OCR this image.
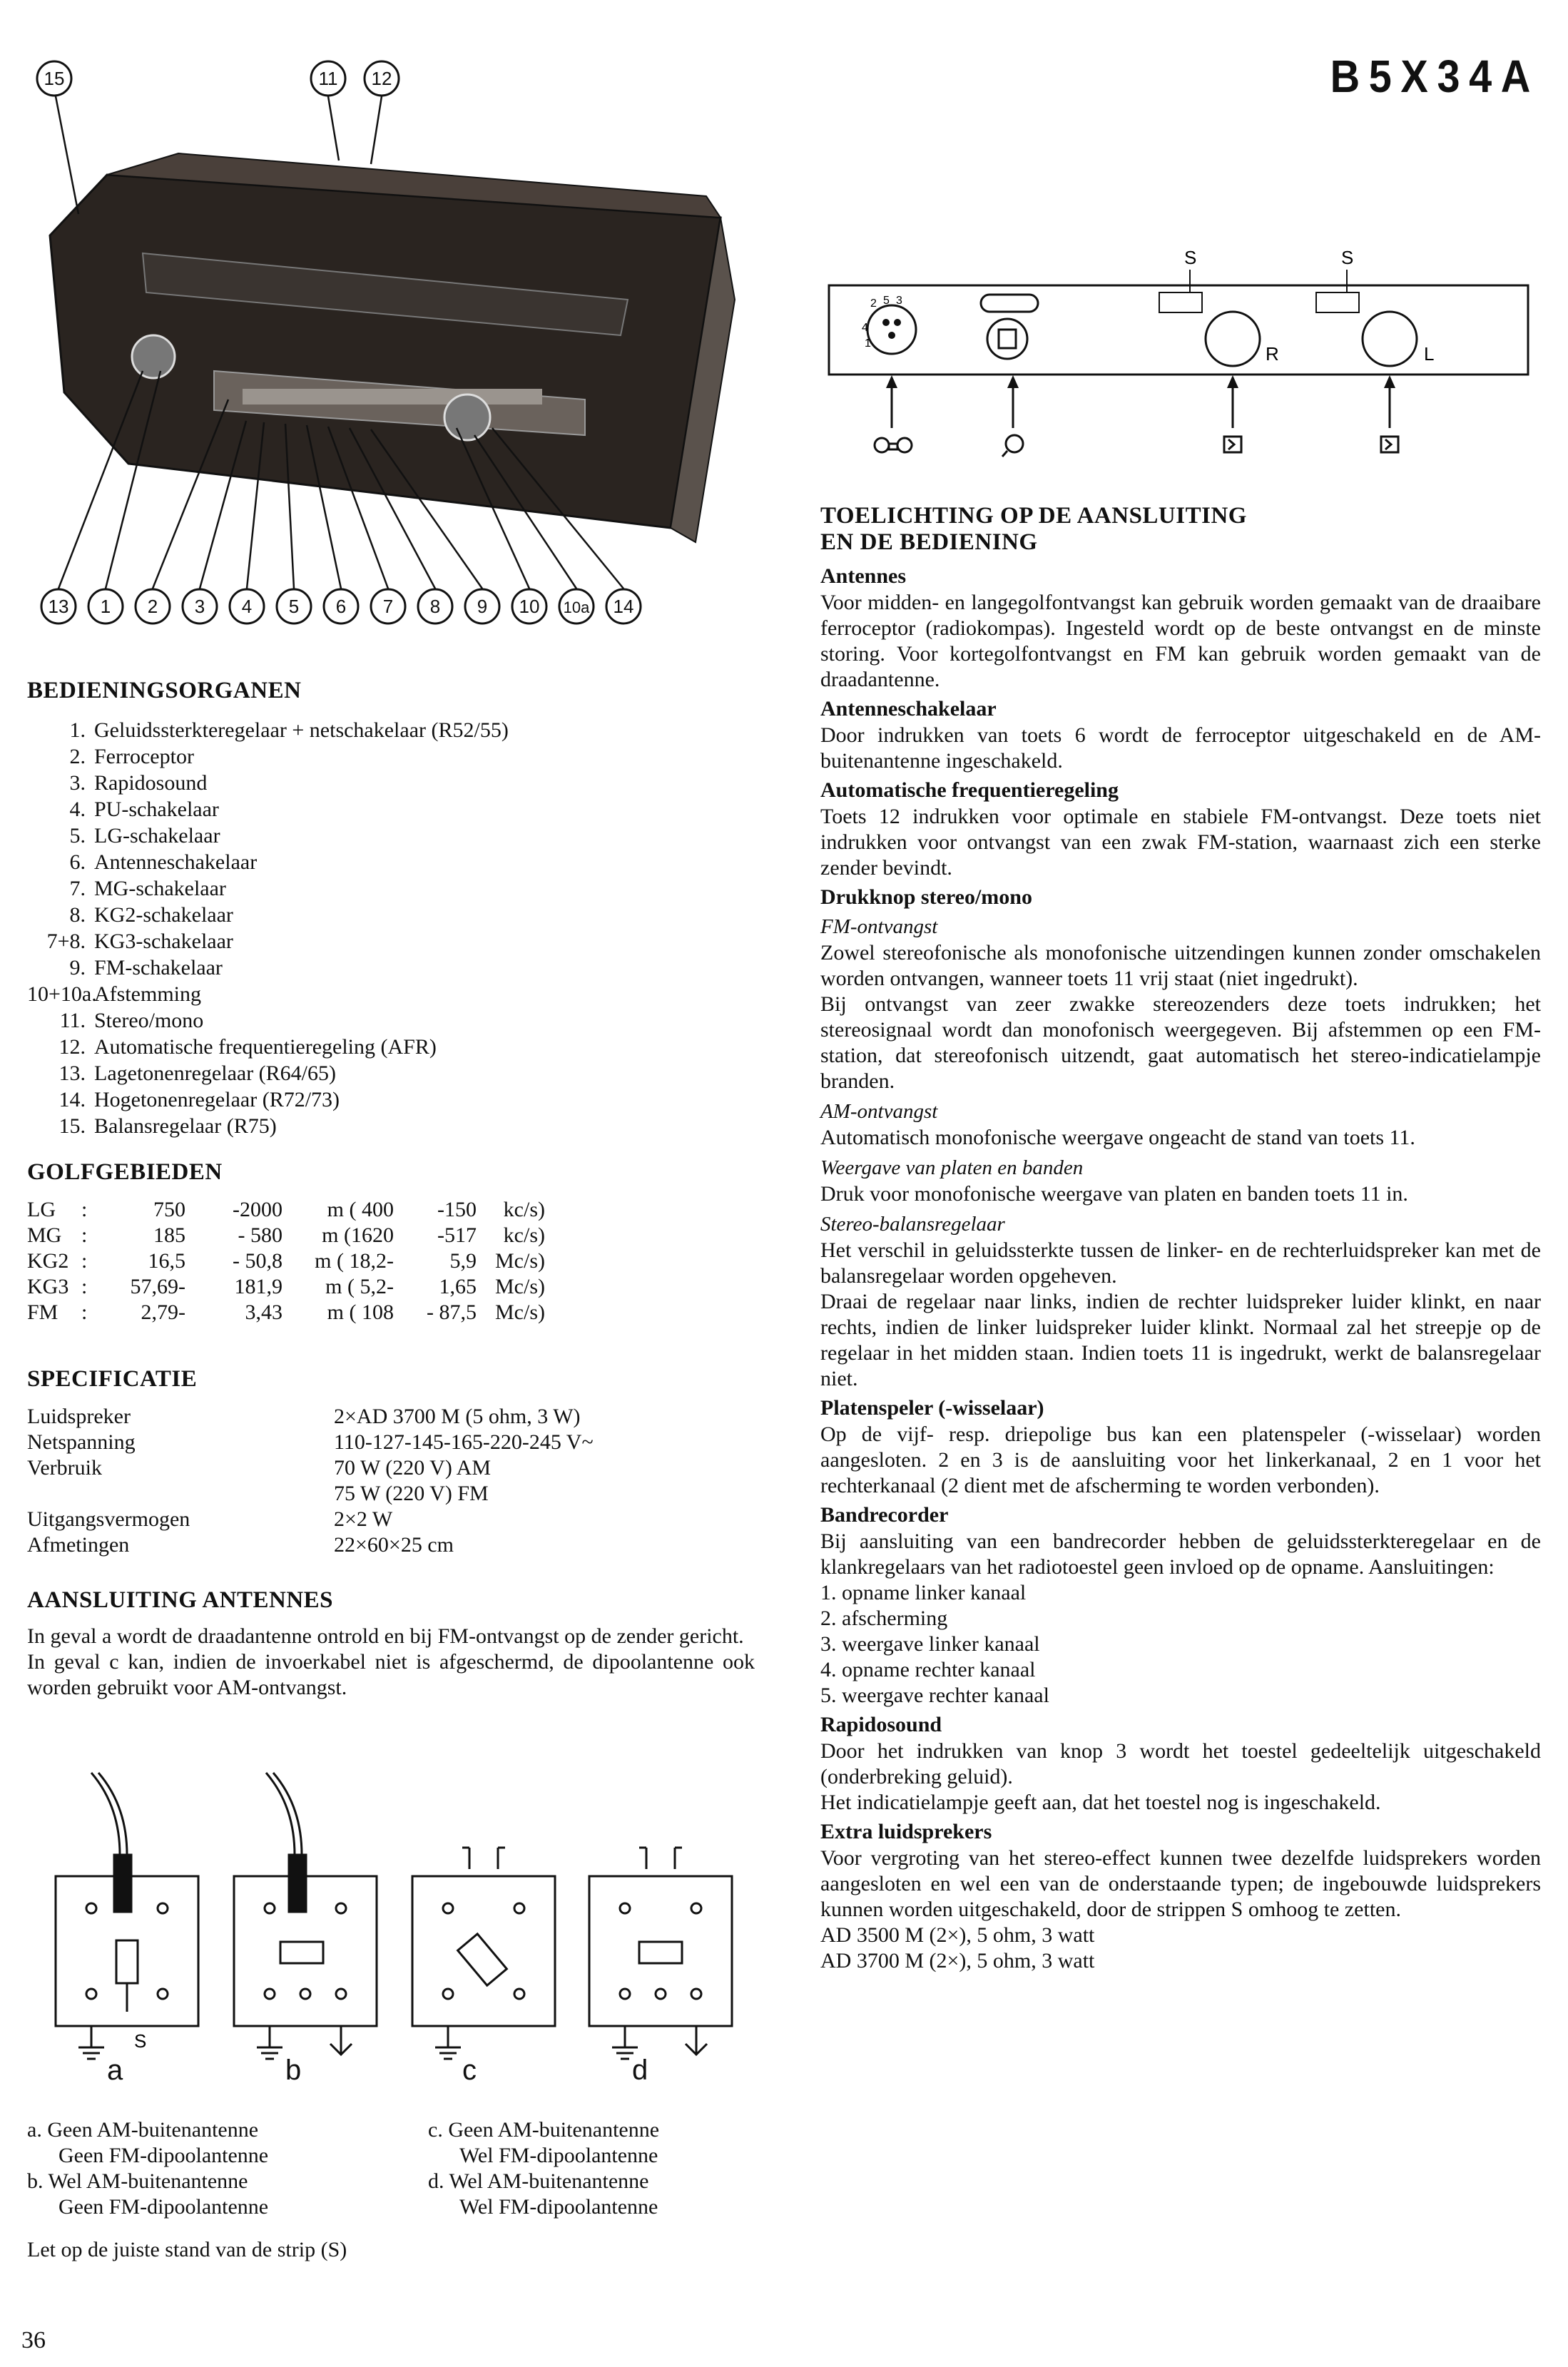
B5X34A
15	11 12
13 1 2 3 4 5 6 7 8 9 10 10a 14
2 5 3
4
1
S
R
S
L

BEDIENINGSORGANEN

1. Geluidssterkteregelaar + netschakelaar (R52/55)
2. Ferroceptor
3. Rapidosound
4. PU-schakelaar
5. LG-schakelaar
6. Antenneschakelaar
7. MG-schakelaar
8. KG2-schakelaar
7+8. KG3-schakelaar
9. FM-schakelaar
10+10a.
Afstemming
11. Stereo/mono
12. Automatische frequentieregeling (AFR)
13. Lagetonenregelaar (R64/65)
14. Hogetonenregelaar (R72/73)
15. Balansregelaar (R75)

GOLFGEBIEDEN

LG	:	750	-2000	m ( 400	-150	kc/s)
MG	:	185	- 580	m (1620	-517	kc/s)
KG2	:	16,5	- 50,8	m ( 18,2-	5,9	Mc/s)
KG3	:	57,69-	181,9	m ( 5,2-	1,65	Mc/s)
FM	:	2,79-	3,43	m ( 108	- 87,5	Mc/s)

SPECIFICATIE

Luidspreker	2×AD 3700 M (5 ohm, 3 W)
Netspanning	110-127-145-165-220-245 V~
Verbruik	70 W (220 V) AM
	75 W (220 V) FM
Uitgangsvermogen	2×2 W
Afmetingen	22×60×25 cm

AANSLUITING ANTENNES

In geval a wordt de draadantenne ontrold en bij FM-ontvangst op de zender gericht.

In geval c kan, indien de invoerkabel niet is afgeschermd, de dipoolantenne ook worden gebruikt voor AM-ontvangst.

S
a	b	c	d
a. Geen AM-buitenantenne
Geen FM-dipoolantenne
b. Wel AM-buitenantenne
Geen FM-dipoolantenne
c. Geen AM-buitenantenne
Wel FM-dipoolantenne
d. Wel AM-buitenantenne
Wel FM-dipoolantenne
Let op de juiste stand van de strip (S)
36

TOELICHTING OP DE AANSLUITING

EN DE BEDIENING

Antennes

Voor midden- en langegolfontvangst kan gebruik worden gemaakt van de draaibare ferroceptor (radiokompas). Ingesteld wordt op de beste ontvangst en de minste storing. Voor kortegolfontvangst en FM kan gebruik worden gemaakt van de draadantenne.

Antenneschakelaar

Door indrukken van toets 6 wordt de ferroceptor uitgeschakeld en de AM-buitenantenne ingeschakeld.

Automatische frequentieregeling

Toets 12 indrukken voor optimale en stabiele FM-ontvangst. Deze toets niet indrukken voor ontvangst van een zwak FM-station, waarnaast zich een sterke zender bevindt.

Drukknop stereo/mono

FM-ontvangst

Zowel stereofonische als monofonische uitzendingen kunnen zonder omschakelen worden ontvangen, wanneer toets 11 vrij staat (niet ingedrukt).

Bij ontvangst van zeer zwakke stereozenders deze toets indrukken; het stereosignaal wordt dan monofonisch weergegeven. Bij afstemmen op een FM-station, dat stereofonisch uitzendt, gaat automatisch het stereo-indicatielampje branden.

AM-ontvangst

Automatisch monofonische weergave ongeacht de stand van toets 11.

Weergave van platen en banden

Druk voor monofonische weergave van platen en banden toets 11 in.

Stereo-balansregelaar

Het verschil in geluidssterkte tussen de linker- en de rechterluidspreker kan met de balansregelaar worden opgeheven.

Draai de regelaar naar links, indien de rechter luidspreker luider klinkt, en naar rechts, indien de linker luidspreker luider klinkt. Normaal zal het streepje op de regelaar in het midden staan. Indien toets 11 is ingedrukt, werkt de balansregelaar niet.

Platenspeler (-wisselaar)

Op de vijf- resp. driepolige bus kan een platenspeler (-wisselaar) worden aangesloten. 2 en 3 is de aansluiting voor het linkerkanaal, 2 en 1 voor het rechterkanaal (2 dient met de afscherming te worden verbonden).

Bandrecorder

Bij aansluiting van een bandrecorder hebben de geluidssterkteregelaar en de klankregelaars van het radiotoestel geen invloed op de opname. Aansluitingen:

1. opname linker kanaal
2. afscherming
3. weergave linker kanaal
4. opname rechter kanaal
5. weergave rechter kanaal

Rapidosound

Door het indrukken van knop 3 wordt het toestel gedeeltelijk uitgeschakeld (onderbreking geluid).

Het indicatielampje geeft aan, dat het toestel nog is ingeschakeld.

Extra luidsprekers

Voor vergroting van het stereo-effect kunnen twee dezelfde luidsprekers worden aangesloten en wel een van de onderstaande typen; de ingebouwde luidsprekers kunnen worden uitgeschakeld, door de strippen S omhoog te zetten.

AD 3500 M (2×), 5 ohm, 3 watt
AD 3700 M (2×), 5 ohm, 3 watt
